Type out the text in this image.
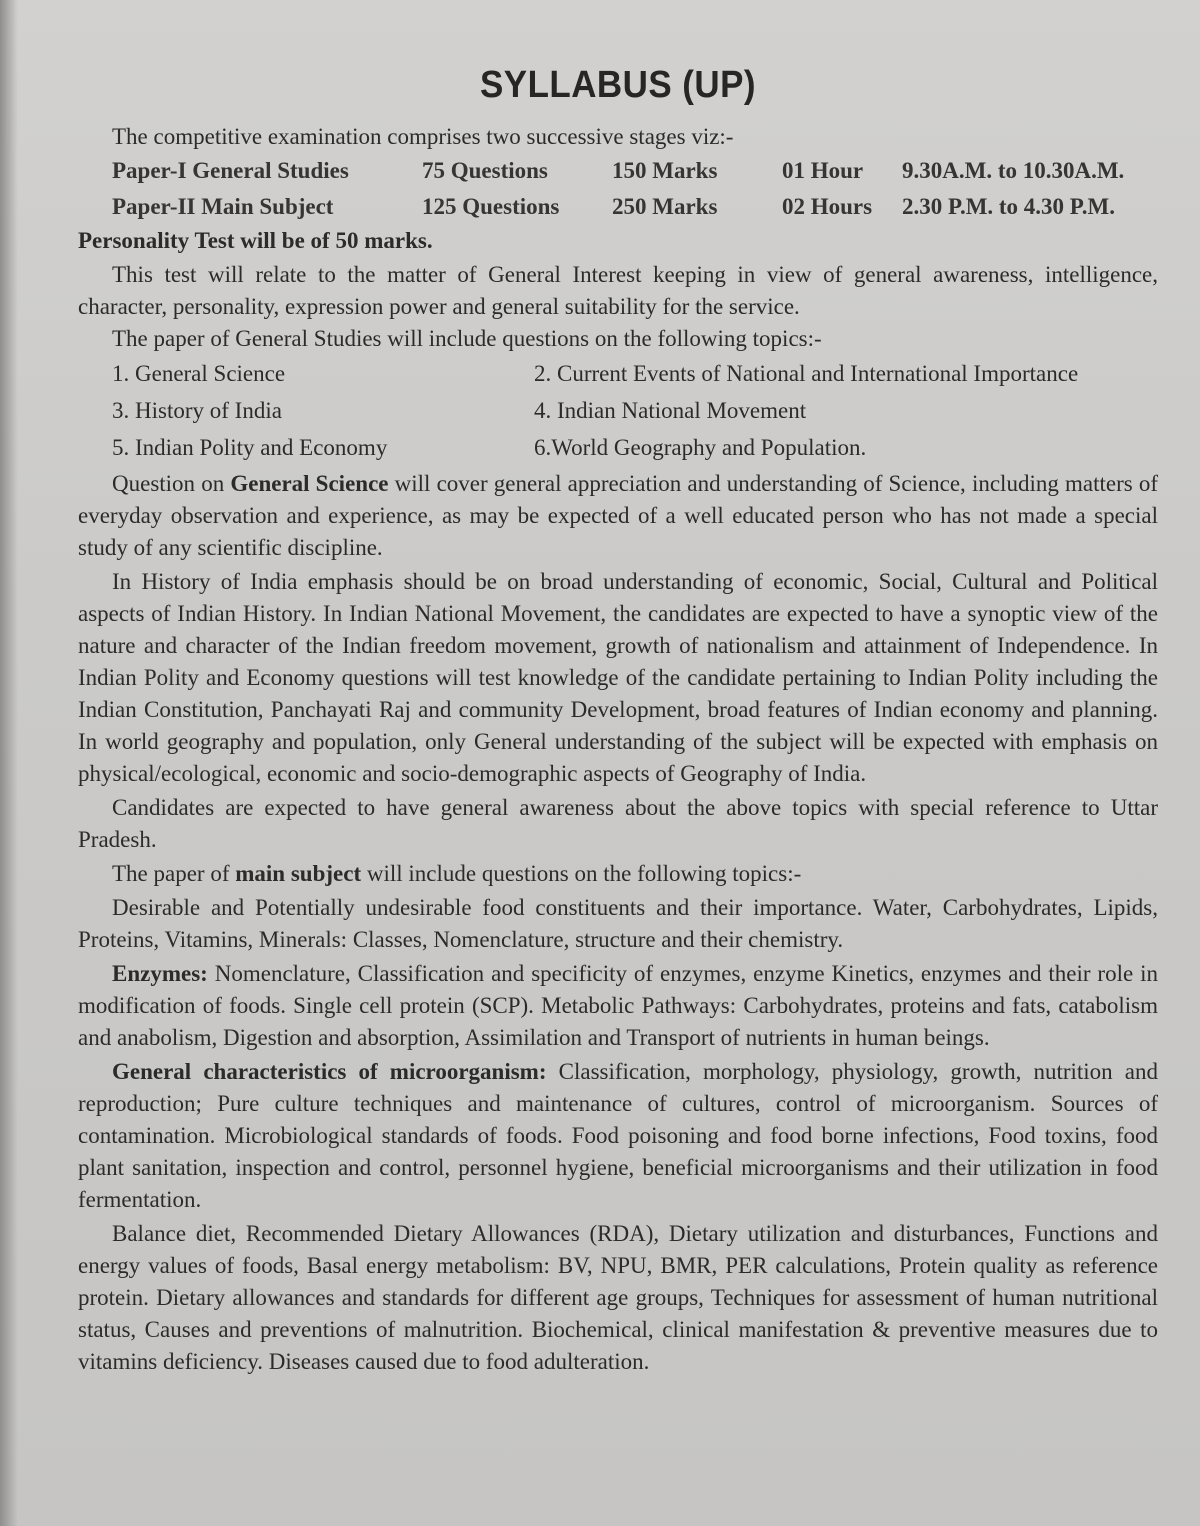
SYLLABUS (UP)
The competitive examination comprises two successive stages viz:-
Paper-I General Studies	75 Questions	150 Marks	01 Hour	9.30A.M. to 10.30A.M.
Paper-II Main Subject	125 Questions	250 Marks	02 Hours	2.30 P.M. to 4.30 P.M.
Personality Test will be of 50 marks.

This test will relate to the matter of General Interest keeping in view of general awareness, intelligence, character, personality, expression power and general suitability for the service.

The paper of General Studies will include questions on the following topics:-
1. General Science	2. Current Events of National and International Importance
3. History of India	4. Indian National Movement
5. Indian Polity and Economy	6.World Geography and Population.

Question on General Science will cover general appreciation and understanding of Science, including matters of everyday observation and experience, as may be expected of a well educated person who has not made a special study of any scientific discipline.

In History of India emphasis should be on broad understanding of economic, Social, Cultural and Political aspects of Indian History. In Indian National Movement, the candidates are expected to have a synoptic view of the nature and character of the Indian freedom movement, growth of nationalism and attainment of Independence. In Indian Polity and Economy questions will test knowledge of the candidate pertaining to Indian Polity including the Indian Constitution, Panchayati Raj and community Development, broad features of Indian economy and planning. In world geography and population, only General understanding of the subject will be expected with emphasis on physical/ecological, economic and socio-demographic aspects of Geography of India.

Candidates are expected to have general awareness about the above topics with special reference to Uttar Pradesh.

The paper of main subject will include questions on the following topics:-

Desirable and Potentially undesirable food constituents and their importance. Water, Carbohydrates, Lipids, Proteins, Vitamins, Minerals: Classes, Nomenclature, structure and their chemistry.

Enzymes: Nomenclature, Classification and specificity of enzymes, enzyme Kinetics, enzymes and their role in modification of foods. Single cell protein (SCP). Metabolic Pathways: Carbohydrates, proteins and fats, catabolism and anabolism, Digestion and absorption, Assimilation and Transport of nutrients in human beings.

General characteristics of microorganism: Classification, morphology, physiology, growth, nutrition and reproduction; Pure culture techniques and maintenance of cultures, control of microorganism. Sources of contamination. Microbiological standards of foods. Food poisoning and food borne infections, Food toxins, food plant sanitation, inspection and control, personnel hygiene, beneficial microorganisms and their utilization in food fermentation.

Balance diet, Recommended Dietary Allowances (RDA), Dietary utilization and disturbances, Functions and energy values of foods, Basal energy metabolism: BV, NPU, BMR, PER calculations, Protein quality as reference protein. Dietary allowances and standards for different age groups, Techniques for assessment of human nutritional status, Causes and preventions of malnutrition. Biochemical, clinical manifestation & preventive measures due to vitamins deficiency. Diseases caused due to food adulteration.
